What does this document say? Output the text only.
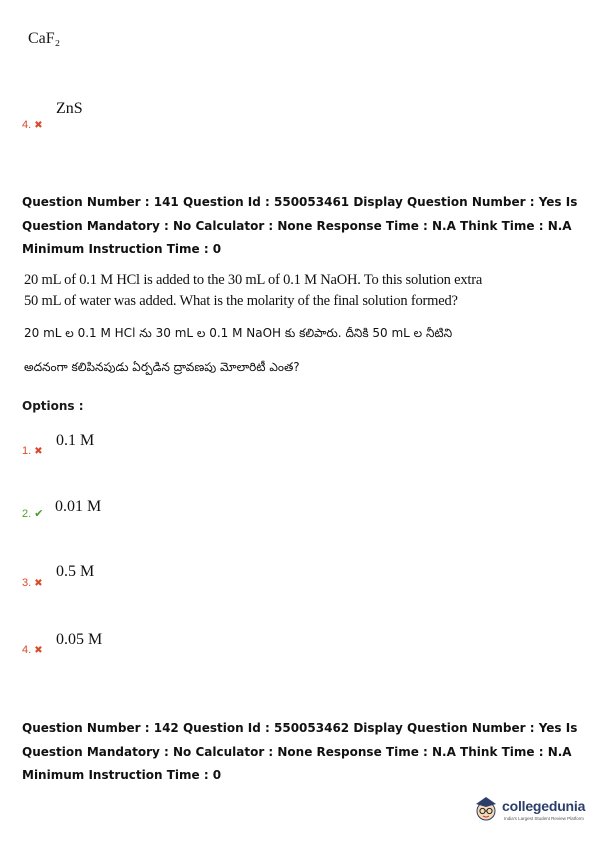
CaF₂
4. ✖
ZnS
Question Number : 141 Question Id : 550053461 Display Question Number : Yes Is Question Mandatory : No Calculator : None Response Time : N.A Think Time : N.A Minimum Instruction Time : 0
20 mL of 0.1 M HCl is added to the 30 mL of 0.1 M NaOH. To this solution extra
50 mL of water was added. What is the molarity of the final solution formed?
20 mL ల 0.1 M HCl ను 30 mL ల 0.1 M NaOH కు కలిపారు. దీనికి 50 mL ల నీటిని
అదనంగా కలిపినపుడు ఏర్పడిన ద్రావణపు మోలారిటీ ఎంత?
Options :
1. ✖
0.1 M
2. ✔ 0.01 M
3. ✖
0.5 M
4. ✖
0.05 M
Question Number : 142 Question Id : 550053462 Display Question Number : Yes Is Question Mandatory : No Calculator : None Response Time : N.A Think Time : N.A Minimum Instruction Time : 0
collegedunia
India's Largest Student Review Platform
